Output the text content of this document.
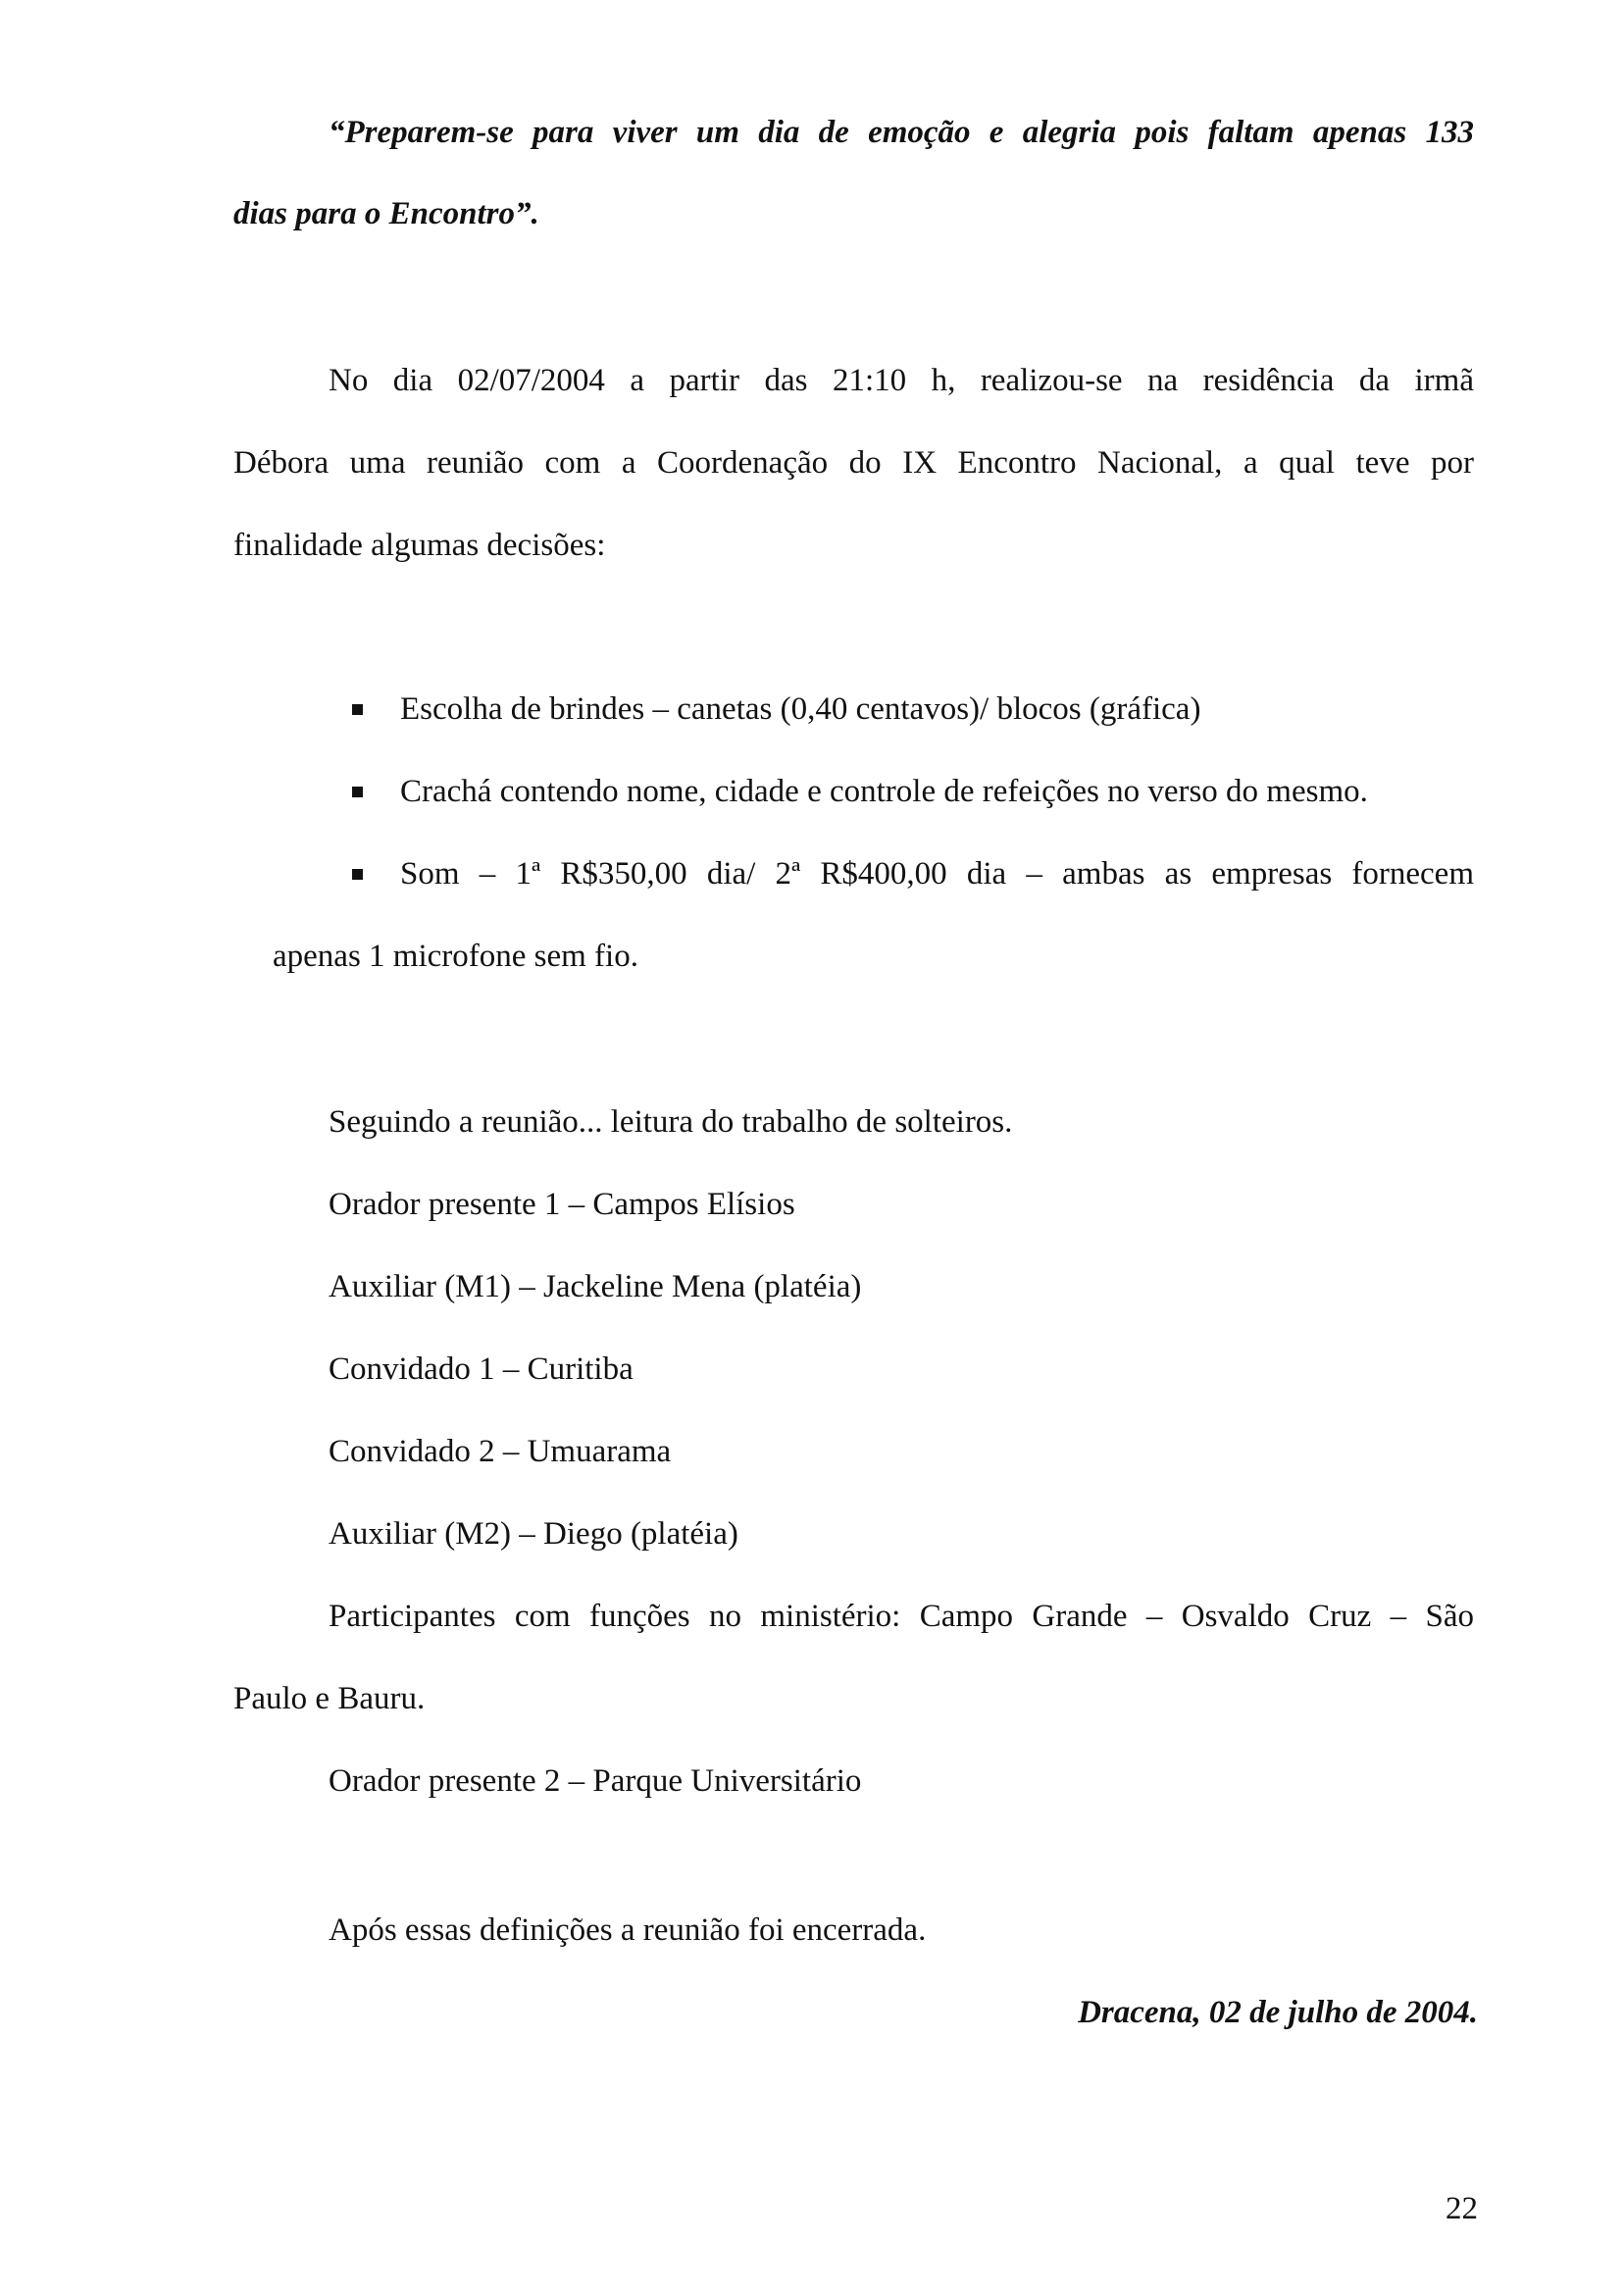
“Preparem-se para viver um dia de emoção e alegria pois faltam apenas 133
dias para o Encontro”.
No dia 02/07/2004 a partir das 21:10 h, realizou-se na residência da irmã
Débora uma reunião com a Coordenação do IX Encontro Nacional, a qual teve por
finalidade algumas decisões:
Escolha de brindes – canetas (0,40 centavos)/ blocos (gráfica)
Crachá contendo nome, cidade e controle de refeições no verso do mesmo.
Som – 1ª R$350,00 dia/ 2ª R$400,00 dia – ambas as empresas fornecem
apenas 1 microfone sem fio.
Seguindo a reunião... leitura do trabalho de solteiros.
Orador presente 1 – Campos Elísios
Auxiliar (M1) – Jackeline Mena (platéia)
Convidado 1 – Curitiba
Convidado 2 – Umuarama
Auxiliar (M2) – Diego (platéia)
Participantes com funções no ministério: Campo Grande – Osvaldo Cruz – São
Paulo e Bauru.
Orador presente 2 – Parque Universitário
Após essas definições a reunião foi encerrada.
Dracena, 02 de julho de 2004.
22
